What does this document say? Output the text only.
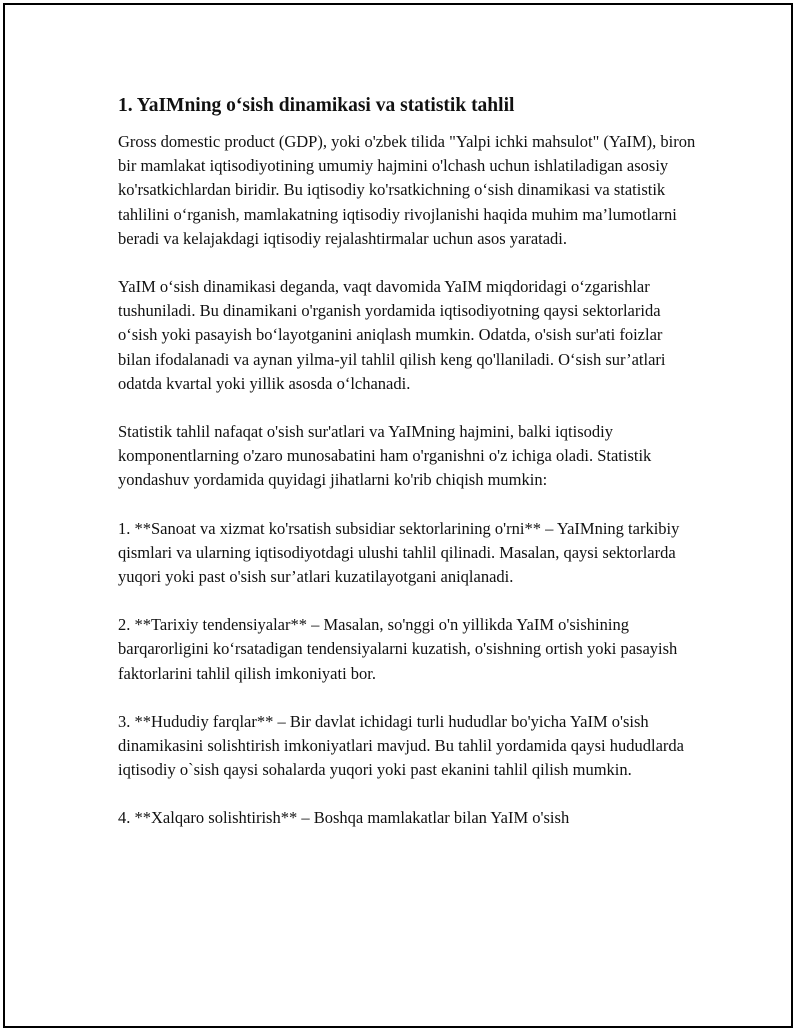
1. YaIMning o‘sish dinamikasi va statistik tahlil

Gross domestic product (GDP), yoki o'zbek tilida "Yalpi ichki mahsulot" (YaIM), biron bir mamlakat iqtisodiyotining umumiy hajmini o'lchash uchun ishlatiladigan asosiy ko'rsatkichlardan biridir. Bu iqtisodiy ko'rsatkichning o‘sish dinamikasi va statistik tahlilini o‘rganish, mamlakatning iqtisodiy rivojlanishi haqida muhim ma’lumotlarni beradi va kelajakdagi iqtisodiy rejalashtirmalar uchun asos yaratadi.

YaIM o‘sish dinamikasi deganda, vaqt davomida YaIM miqdoridagi o‘zgarishlar tushuniladi. Bu dinamikani o'rganish yordamida iqtisodiyotning qaysi sektorlarida o‘sish yoki pasayish bo‘layotganini aniqlash mumkin. Odatda, o'sish sur'ati foizlar bilan ifodalanadi va aynan yilma-yil tahlil qilish keng qo'llaniladi. O‘sish sur’atlari odatda kvartal yoki yillik asosda o‘lchanadi.

Statistik tahlil nafaqat o'sish sur'atlari va YaIMning hajmini, balki iqtisodiy komponentlarning o'zaro munosabatini ham o'rganishni o'z ichiga oladi. Statistik yondashuv yordamida quyidagi jihatlarni ko'rib chiqish mumkin:

1. **Sanoat va xizmat ko'rsatish subsidiar sektorlarining o'rni** – YaIMning tarkibiy qismlari va ularning iqtisodiyotdagi ulushi tahlil qilinadi. Masalan, qaysi sektorlarda yuqori yoki past o'sish sur’atlari kuzatilayotgani aniqlanadi.

2. **Tarixiy tendensiyalar** – Masalan, so'nggi o'n yillikda YaIM o'sishining barqarorligini ko‘rsatadigan tendensiyalarni kuzatish, o'sishning ortish yoki pasayish faktorlarini tahlil qilish imkoniyati bor.

3. **Hududiy farqlar** – Bir davlat ichidagi turli hududlar bo'yicha YaIM o'sish dinamikasini solishtirish imkoniyatlari mavjud. Bu tahlil yordamida qaysi hududlarda iqtisodiy o`sish qaysi sohalarda yuqori yoki past ekanini tahlil qilish mumkin.

4. **Xalqaro solishtirish** – Boshqa mamlakatlar bilan YaIM o'sish
